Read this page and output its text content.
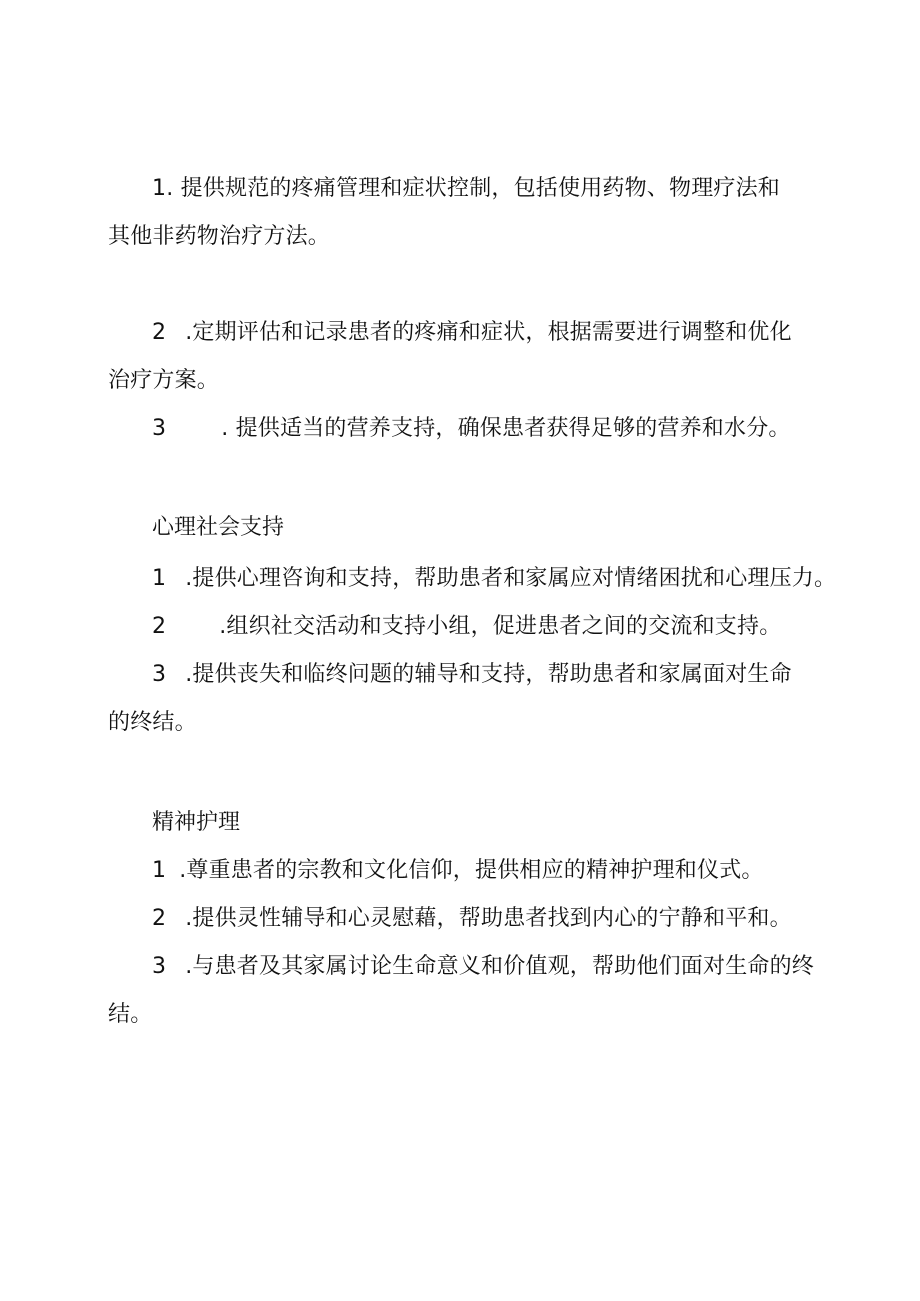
1. 提供规范的疼痛管理和症状控制，包括使用药物、物理疗法和
其他非药物治疗方法。
2 .定期评估和记录患者的疼痛和症状，根据需要进行调整和优化
治疗方案。
3	. 提供适当的营养支持，确保患者获得足够的营养和水分。
心理社会支持
1 .提供心理咨询和支持，帮助患者和家属应对情绪困扰和心理压力。
2 .组织社交活动和支持小组，促进患者之间的交流和支持。
3 .提供丧失和临终问题的辅导和支持，帮助患者和家属面对生命
的终结。
精神护理
1 .尊重患者的宗教和文化信仰，提供相应的精神护理和仪式。
2 .提供灵性辅导和心灵慰藉，帮助患者找到内心的宁静和平和。
3 .与患者及其家属讨论生命意义和价值观，帮助他们面对生命的终
结。
